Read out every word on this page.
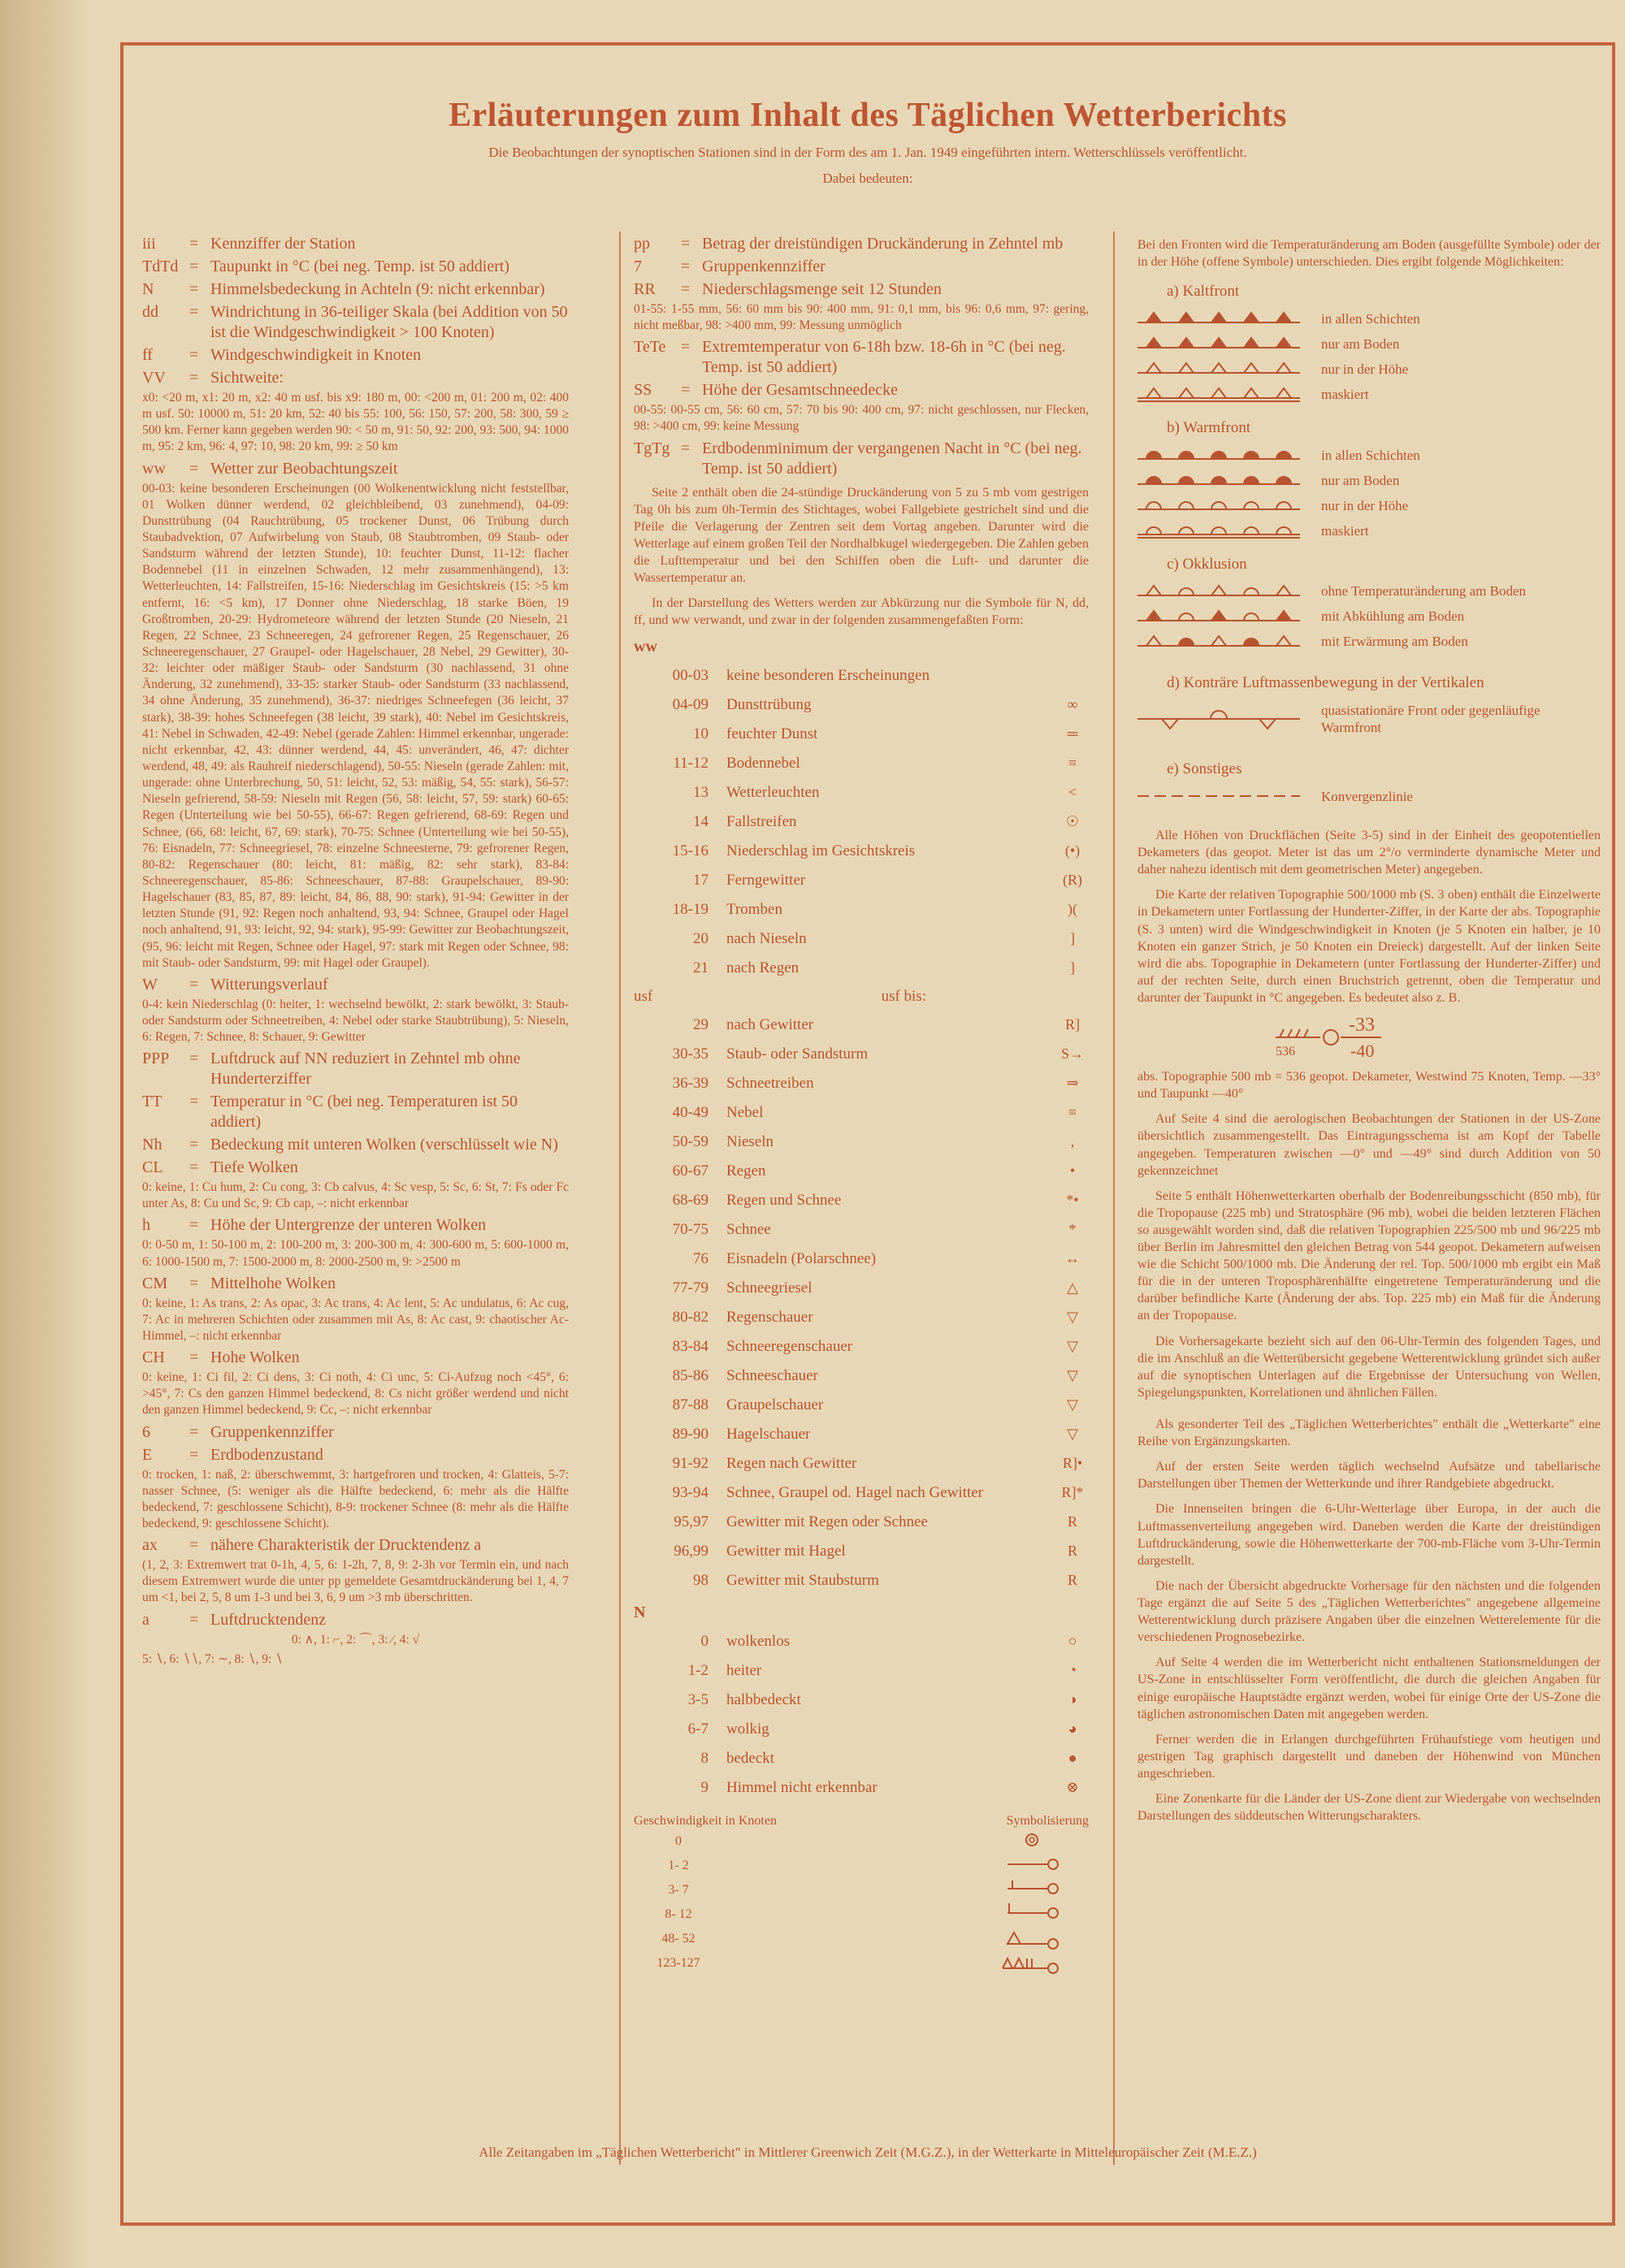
Erläuterungen zum Inhalt des Täglichen Wetterberichts
Die Beobachtungen der synoptischen Stationen sind in der Form des am 1. Jan. 1949 eingeführten intern. Wetterschlüssels veröffentlicht.
Dabei bedeuten:
iii	= Kennziffer der Station
TdTd = Taupunkt in °C (bei neg. Temp. ist 50 addiert)
N	= Himmelsbedeckung in Achteln (9: nicht erkennbar)
dd	= Windrichtung in 36-teiliger Skala (bei Addition von 50 ist die Windgeschwindigkeit > 100 Knoten)
ff	= Windgeschwindigkeit in Knoten
VV	= Sichtweite:
x0: <20 m, x1: 20 m, x2: 40 m usf. bis x9: 180 m, 00: <200 m, 01: 200 m, 02: 400 m usf. 50: 10000 m, 51: 20 km, 52: 40 bis 55: 100, 56: 150, 57: 200, 58: 300, 59 ≥ 500 km. Ferner kann gegeben werden 90: < 50 m, 91: 50, 92: 200, 93: 500, 94: 1000 m, 95: 2 km, 96: 4, 97: 10, 98: 20 km, 99: ≥ 50 km
ww	= Wetter zur Beobachtungszeit
00-03: keine besonderen Erscheinungen (00 Wolkenentwicklung nicht feststellbar, 01 Wolken dünner werdend, 02 gleichbleibend, 03 zunehmend), 04-09: Dunsttrübung (04 Rauchtrübung, 05 trockener Dunst, 06 Trübung durch Staubadvektion, 07 Aufwirbelung von Staub, 08 Staubtromben, 09 Staub- oder Sandsturm während der letzten Stunde), 10: feuchter Dunst, 11-12: flacher Bodennebel (11 in einzelnen Schwaden, 12 mehr zusammenhängend), 13: Wetterleuchten, 14: Fallstreifen, 15-16: Niederschlag im Gesichtskreis (15: >5 km entfernt, 16: <5 km), 17 Donner ohne Niederschlag, 18 starke Böen, 19 Großtromben, 20-29: Hydrometeore während der letzten Stunde (20 Nieseln, 21 Regen, 22 Schnee, 23 Schneeregen, 24 gefrorener Regen, 25 Regenschauer, 26 Schneeregenschauer, 27 Graupel- oder Hagelschauer, 28 Nebel, 29 Gewitter), 30-32: leichter oder mäßiger Staub- oder Sandsturm (30 nachlassend, 31 ohne Änderung, 32 zunehmend), 33-35: starker Staub- oder Sandsturm (33 nachlassend, 34 ohne Änderung, 35 zunehmend), 36-37: niedriges Schneefegen (36 leicht, 37 stark), 38-39: hohes Schneefegen (38 leicht, 39 stark), 40: Nebel im Gesichtskreis, 41: Nebel in Schwaden, 42-49: Nebel (gerade Zahlen: Himmel erkennbar, ungerade: nicht erkennbar, 42, 43: dünner werdend, 44, 45: unverändert, 46, 47: dichter werdend, 48, 49: als Rauhreif niederschlagend), 50-55: Nieseln (gerade Zahlen: mit, ungerade: ohne Unterbrechung, 50, 51: leicht, 52, 53: mäßig, 54, 55: stark), 56-57: Nieseln gefrierend, 58-59: Nieseln mit Regen (56, 58: leicht, 57, 59: stark) 60-65: Regen (Unterteilung wie bei 50-55), 66-67: Regen gefrierend, 68-69: Regen und Schnee, (66, 68: leicht, 67, 69: stark), 70-75: Schnee (Unterteilung wie bei 50-55), 76: Eisnadeln, 77: Schneegriesel, 78: einzelne Schneesterne, 79: gefrorener Regen, 80-82: Regenschauer (80: leicht, 81: mäßig, 82: sehr stark), 83-84: Schneeregenschauer, 85-86: Schneeschauer, 87-88: Graupelschauer, 89-90: Hagelschauer (83, 85, 87, 89: leicht, 84, 86, 88, 90: stark), 91-94: Gewitter in der letzten Stunde (91, 92: Regen noch anhaltend, 93, 94: Schnee, Graupel oder Hagel noch anhaltend, 91, 93: leicht, 92, 94: stark), 95-99: Gewitter zur Beobachtungszeit, (95, 96: leicht mit Regen, Schnee oder Hagel, 97: stark mit Regen oder Schnee, 98: mit Staub- oder Sandsturm, 99: mit Hagel oder Graupel).
W	= Witterungsverlauf
0-4: kein Niederschlag (0: heiter, 1: wechselnd bewölkt, 2: stark bewölkt, 3: Staub- oder Sandsturm oder Schneetreiben, 4: Nebel oder starke Staubtrübung), 5: Nieseln, 6: Regen, 7: Schnee, 8: Schauer, 9: Gewitter
PPP	= Luftdruck auf NN reduziert in Zehntel mb ohne Hunderterziffer
TT	= Temperatur in °C (bei neg. Temperaturen ist 50 addiert)
Nh	= Bedeckung mit unteren Wolken (verschlüsselt wie N)
CL	= Tiefe Wolken
0: keine, 1: Cu hum, 2: Cu cong, 3: Cb calvus, 4: Sc vesp, 5: Sc, 6: St, 7: Fs oder Fc unter As, 8: Cu und Sc, 9: Cb cap, –: nicht erkennbar
h	= Höhe der Untergrenze der unteren Wolken
0: 0-50 m, 1: 50-100 m, 2: 100-200 m, 3: 200-300 m, 4: 300-600 m, 5: 600-1000 m, 6: 1000-1500 m, 7: 1500-2000 m, 8: 2000-2500 m, 9: >2500 m
CM	= Mittelhohe Wolken
0: keine, 1: As trans, 2: As opac, 3: Ac trans, 4: Ac lent, 5: Ac undulatus, 6: Ac cug, 7: Ac in mehreren Schichten oder zusammen mit As, 8: Ac cast, 9: chaotischer Ac-Himmel, –: nicht erkennbar
CH	= Hohe Wolken
0: keine, 1: Ci fil, 2: Ci dens, 3: Ci noth, 4: Ci unc, 5: Ci-Aufzug noch <45°, 6: >45°, 7: Cs den ganzen Himmel bedeckend, 8: Cs nicht größer werdend und nicht den ganzen Himmel bedeckend, 9: Cc, –: nicht erkennbar
6	= Gruppenkennziffer
E	= Erdbodenzustand
0: trocken, 1: naß, 2: überschwemmt, 3: hartgefroren und trocken, 4: Glatteis, 5-7: nasser Schnee, (5: weniger als die Hälfte bedeckend, 6: mehr als die Hälfte bedeckend, 7: geschlossene Schicht), 8-9: trockener Schnee (8: mehr als die Hälfte bedeckend, 9: geschlossene Schicht).
ax	= nähere Charakteristik der Drucktendenz a
(1, 2, 3: Extremwert trat 0-1h, 4, 5, 6: 1-2h, 7, 8, 9: 2-3h vor Termin ein, und nach diesem Extremwert wurde die unter pp gemeldete Gesamtdruckänderung bei 1, 4, 7 um <1, bei 2, 5, 8 um 1-3 und bei 3, 6, 9 um >3 mb überschritten.
a	= Luftdrucktendenz
0: ∧, 1: ⌐, 2: ⌒, 3: ∕, 4: √
5: ∖, 6: ∖∖, 7: ∼, 8: ∖, 9: ∖
pp	= Betrag der dreistündigen Druckänderung in Zehntel mb
7	= Gruppenkennziffer
RR	= Niederschlagsmenge seit 12 Stunden
01-55: 1-55 mm, 56: 60 mm bis 90: 400 mm, 91: 0,1 mm, bis 96: 0,6 mm, 97: gering, nicht meßbar, 98: >400 mm, 99: Messung unmöglich
TeTe = Extremtemperatur von 6-18h bzw. 18-6h in °C (bei neg. Temp. ist 50 addiert)
SS	= Höhe der Gesamtschneedecke
00-55: 00-55 cm, 56: 60 cm, 57: 70 bis 90: 400 cm, 97: nicht geschlossen, nur Flecken, 98: >400 cm, 99: keine Messung
TgTg = Erdbodenminimum der vergangenen Nacht in °C (bei neg. Temp. ist 50 addiert)
Seite 2 enthält oben die 24-stündige Druckänderung von 5 zu 5 mb vom gestrigen Tag 0h bis zum 0h-Termin des Stichtages, wobei Fallgebiete gestrichelt sind und die Pfeile die Verlagerung der Zentren seit dem Vortag angeben. Darunter wird die Wetterlage auf einem großen Teil der Nordhalbkugel wiedergegeben. Die Zahlen geben die Lufttemperatur und bei den Schiffen oben die Luft- und darunter die Wassertemperatur an.
In der Darstellung des Wetters werden zur Abkürzung nur die Symbole für N, dd, ff, und ww verwandt, und zwar in der folgenden zusammengefaßten Form:
ww
00-03	keine besonderen Erscheinungen
04-09	Dunsttrübung	∞
10	feuchter Dunst	═
11-12	Bodennebel	≡
13	Wetterleuchten	<
14	Fallstreifen	☉
15-16	Niederschlag im Gesichtskreis	(•)
17	Ferngewitter	(R)
18-19	Tromben	)(
20	nach Nieseln	]
21	nach Regen	]
usf	usf bis:
29	nach Gewitter	R]
30-35	Staub- oder Sandsturm	S→
36-39	Schneetreiben	⇒
40-49	Nebel	≡
50-59	Nieseln	,
60-67	Regen	•
68-69	Regen und Schnee	*•
70-75	Schnee	*
76	Eisnadeln (Polarschnee)	↔
77-79	Schneegriesel	△
80-82	Regenschauer	▽
83-84	Schneeregenschauer	▽
85-86	Schneeschauer	▽
87-88	Graupelschauer	▽
89-90	Hagelschauer	▽
91-92	Regen nach Gewitter	R]•
93-94	Schnee, Graupel od. Hagel nach Gewitter	R]*
95,97	Gewitter mit Regen oder Schnee	R
96,99	Gewitter mit Hagel	R
98	Gewitter mit Staubsturm	R
N
0	wolkenlos	○
1-2	heiter	◔
3-5	halbbedeckt	◑
6-7	wolkig	◕
8	bedeckt	●
9	Himmel nicht erkennbar	⊗
Geschwindigkeit in Knoten	Symbolisierung
0
1- 2
3- 7
8- 12
48- 52
123-127
Bei den Fronten wird die Temperaturänderung am Boden (ausgefüllte Symbole) oder der in der Höhe (offene Symbole) unterschieden. Dies ergibt folgende Möglichkeiten:
a) Kaltfront
in allen Schichten
nur am Boden
nur in der Höhe
maskiert
b) Warmfront
in allen Schichten
nur am Boden
nur in der Höhe
maskiert
c) Okklusion
ohne Temperaturänderung am Boden
mit Abkühlung am Boden
mit Erwärmung am Boden
d) Konträre Luftmassenbewegung in der Vertikalen
quasistationäre Front oder gegenläufige Warmfront
e) Sonstiges
Konvergenzlinie
Alle Höhen von Druckflächen (Seite 3-5) sind in der Einheit des geopotentiellen Dekameters (das geopot. Meter ist das um 2°/o verminderte dynamische Meter und daher nahezu identisch mit dem geometrischen Meter) angegeben.
Die Karte der relativen Topographie 500/1000 mb (S. 3 oben) enthält die Einzelwerte in Dekametern unter Fortlassung der Hunderter-Ziffer, in der Karte der abs. Topographie (S. 3 unten) wird die Windgeschwindigkeit in Knoten (je 5 Knoten ein halber, je 10 Knoten ein ganzer Strich, je 50 Knoten ein Dreieck) dargestellt. Auf der linken Seite wird die abs. Topographie in Dekametern (unter Fortlassung der Hunderter-Ziffer) und auf der rechten Seite, durch einen Bruchstrich getrennt, oben die Temperatur und darunter der Taupunkt in °C angegeben. Es bedeutet also z. B.
536
-33
-40
abs. Topographie 500 mb = 536 geopot. Dekameter, Westwind 75 Knoten, Temp. —33° und Taupunkt —40°
Auf Seite 4 sind die aerologischen Beobachtungen der Stationen in der US-Zone übersichtlich zusammengestellt. Das Eintragungsschema ist am Kopf der Tabelle angegeben. Temperaturen zwischen —0° und —49° sind durch Addition von 50 gekennzeichnet
Seite 5 enthält Höhenwetterkarten oberhalb der Bodenreibungsschicht (850 mb), für die Tropopause (225 mb) und Stratosphäre (96 mb), wobei die beiden letzteren Flächen so ausgewählt worden sind, daß die relativen Topographien 225/500 mb und 96/225 mb über Berlin im Jahresmittel den gleichen Betrag von 544 geopot. Dekametern aufweisen wie die Schicht 500/1000 mb. Die Änderung der rel. Top. 500/1000 mb ergibt ein Maß für die in der unteren Troposphärenhälfte eingetretene Temperaturänderung und die darüber befindliche Karte (Änderung der abs. Top. 225 mb) ein Maß für die Änderung an der Tropopause.
Die Vorhersagekarte bezieht sich auf den 06-Uhr-Termin des folgenden Tages, und die im Anschluß an die Wetterübersicht gegebene Wetterentwicklung gründet sich außer auf die synoptischen Unterlagen auf die Ergebnisse der Untersuchung von Wellen, Spiegelungspunkten, Korrelationen und ähnlichen Fällen.
Als gesonderter Teil des „Täglichen Wetterberichtes" enthält die „Wetterkarte" eine Reihe von Ergänzungskarten.
Auf der ersten Seite werden täglich wechselnd Aufsätze und tabellarische Darstellungen über Themen der Wetterkunde und ihrer Randgebiete abgedruckt.
Die Innenseiten bringen die 6-Uhr-Wetterlage über Europa, in der auch die Luftmassenverteilung angegeben wird. Daneben werden die Karte der dreistündigen Luftdruckänderung, sowie die Höhenwetterkarte der 700-mb-Fläche vom 3-Uhr-Termin dargestellt.
Die nach der Übersicht abgedruckte Vorhersage für den nächsten und die folgenden Tage ergänzt die auf Seite 5 des „Täglichen Wetterberichtes" angegebene allgemeine Wetterentwicklung durch präzisere Angaben über die einzelnen Wetterelemente für die verschiedenen Prognosebezirke.
Auf Seite 4 werden die im Wetterbericht nicht enthaltenen Stationsmeldungen der US-Zone in entschlüsselter Form veröffentlicht, die durch die gleichen Angaben für einige europäische Hauptstädte ergänzt werden, wobei für einige Orte der US-Zone die täglichen astronomischen Daten mit angegeben werden.
Ferner werden die in Erlangen durchgeführten Frühaufstiege vom heutigen und gestrigen Tag graphisch dargestellt und daneben der Höhenwind von München angeschrieben.
Eine Zonenkarte für die Länder der US-Zone dient zur Wiedergabe von wechselnden Darstellungen des süddeutschen Witterungscharakters.
Alle Zeitangaben im „Täglichen Wetterbericht" in Mittlerer Greenwich Zeit (M.G.Z.), in der Wetterkarte in Mitteleuropäischer Zeit (M.E.Z.)
